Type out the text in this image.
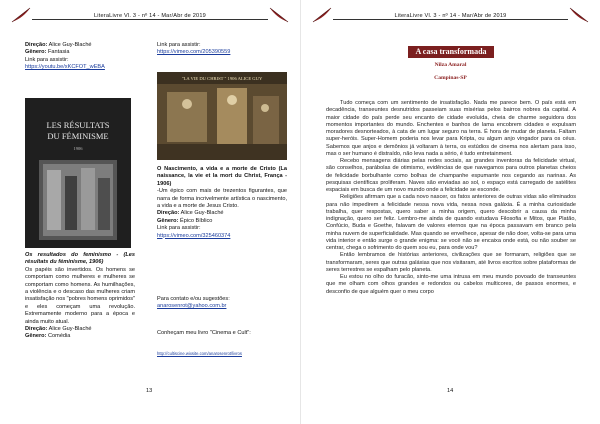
LiteraLivre Vl. 3 - nº 14 - Mar/Abr de 2019
Direção: Alice Guy-Blaché
Gênero: Fantasia
Link para assistir:
https://youtu.be/xKCFOT_wEBA
LES RÉSULTATS
DU FÉMINISME
1906
Os resultados do feminismo - (Les résultats du féminisme, 1906)
Os papéis são invertidos. Os homens se comportam como mulheres e mulheres se comportam como homens. As humilhações, a violência e o descaso das mulheres criam insatisfação nos "pobres homens oprimidos" e eles começam uma revolução. Extremamente moderno para a época e ainda muito atual.
Direção: Alice Guy-Blaché
Gênero: Comédia
Link para assistir:
https://vimeo.com/205390559
"LA VIE DU CHRIST " 1906 ALICE GUY
O Nascimento, a vida e a morte de Cristo (La naissance, la vie et la mort du Christ, França - 1906)
-Um épico com mais de trezentos figurantes, que narra de forma incrivelmente artística o nascimento, a vida e a morte de Jesus Cristo.
Direção: Alice Guy-Blaché
Gênero: Épico Bíblico
Link para assistir:
https://vimeo.com/325460374
Para contato e/ou sugestões:
anarosenrot@yahoo.com.br
Conheçam meu livro "Cinema e Cult":
http://cultiscine.wixsite.com/anarosenrot/livros
13
LiteraLivre Vl. 3 - nº 14 - Mar/Abr de 2019
A casa transformada
Nilza Amaral
Campinas-SP

Tudo começa com um sentimento de insatisfação. Nada me parece bem. O país está em decadência, transeuntes desnutridos passeiam suas misérias pelos bairros nobres da capital. A maior cidade do país perde seu encanto de cidade evoluída, cheia de charme seguidora dos momentos importantes do mundo. Enchentes e banhos de lama encobrem cidades e expulsam moradores desnorteados, à cata de um lugar seguro na terra. É hora de mudar de planeta. Faltam super-heróis. Super-Homem poderia nos levar para Kripta, ou algum anjo vingador para os céus. Sabemos que anjos e demônios já voltaram à terra, os estúdios de cinema nos alertam para isso, mas o ser humano é distraído, não leva nada a sério, é tudo entretainment.

Recebo mensagens diárias pelas redes sociais, as grandes inventoras da felicidade virtual, são conselhos, parábolas de otimismo, evidências de que navegamos para outros planetas cheios de felicidade borbulhante como bolhas de champanhe espumante nos cegando as narinas. As pesquisas científicas proliferam. Naves são enviadas ao sol, o espaço está carregado de satélites espaciais em busca de um novo mundo onde a felicidade se esconde.

Religiões afirmam que a cada novo nascer, os fatos anteriores de outras vidas são eliminados para não impedirem a felicidade nessa nova vida, nessa nova galáxia. É a minha curiosidade trabalha, quer respostas, quero saber a minha origem, quero descobrir a causa da minha indignação, quero ser feliz. Lembro-me ainda de quando estudava Filosofia e Mitos, que Platão, Confúcio, Buda e Goethe, falavam de valores eternos que na época passavam em branco pela minha nuvem de superficialidade. Mas quando se envelhece, apesar de não doer, volta-se para uma vida interior e então surge o grande enigma: se você não se encaixa onde está, ou não souber se centrar, chega o sofrimento do quem sou eu, para onde vou?

Então lembramos de histórias anteriores, civilizações que se formaram, religiões que se transformaram, seres que outras galáxias que nos visitaram, até livros escritos sobre plataformas de seres terrestres se espalham pelo planeta.

Eu estou no olho do furacão, sinto-me uma intrusa em meu mundo povoado de transeuntes que me olham com olhos grandes e redondos ou cabelos multicores, de passos enormes, e desconfio de que alguém quer o meu corpo

14
